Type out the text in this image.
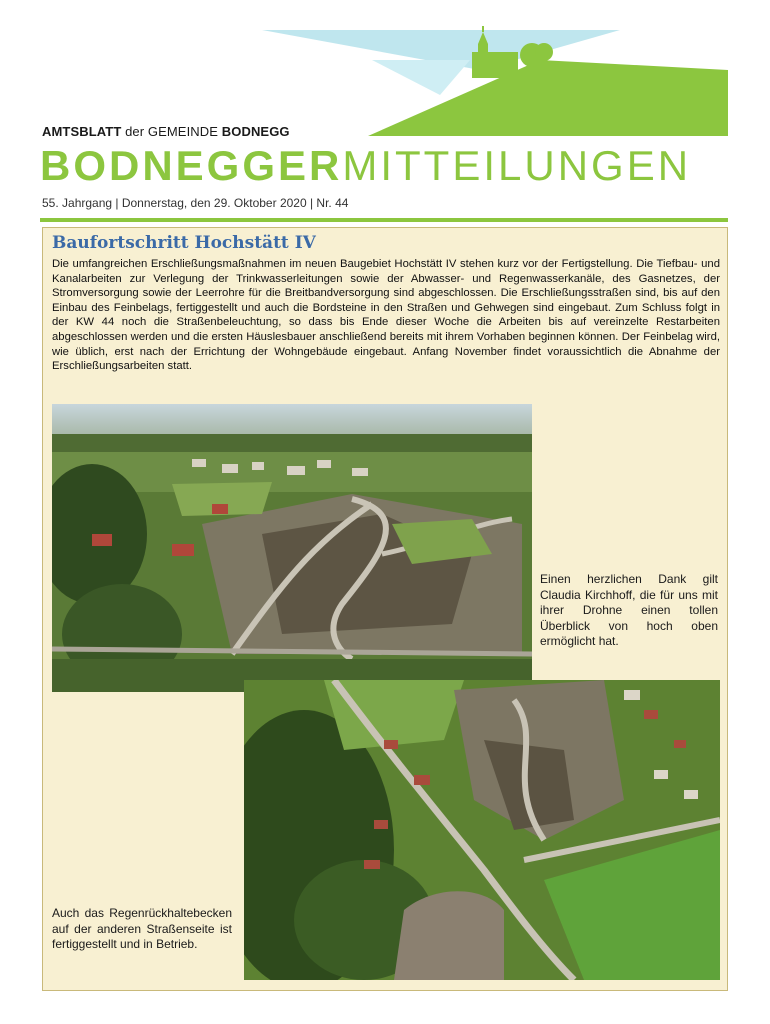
AMTSBLATT der GEMEINDE BODNEGG
BODNEGGERMITTEILUNGEN
55. Jahrgang | Donnerstag, den 29. Oktober 2020 | Nr. 44
Baufortschritt Hochstätt IV
Die umfangreichen Erschließungsmaßnahmen im neuen Baugebiet Hochstätt IV stehen kurz vor der Fertigstellung. Die Tiefbau- und Kanalarbeiten zur Verlegung der Trinkwasserleitungen sowie der Abwasser- und Regenwasserkanäle, des Gasnetzes, der Stromversorgung sowie der Leerrohre für die Breitbandversorgung sind abgeschlossen. Die Erschließungsstraßen sind, bis auf den Einbau des Feinbelags, fertiggestellt und auch die Bordsteine in den Straßen und Gehwegen sind eingebaut. Zum Schluss folgt in der KW 44 noch die Straßenbeleuchtung, so dass bis Ende dieser Woche die Arbeiten bis auf vereinzelte Restarbeiten abgeschlossen werden und die ersten Häuslesbauer anschließend bereits mit ihrem Vorhaben beginnen können. Der Feinbelag wird, wie üblich, erst nach der Errichtung der Wohngebäude eingebaut. Anfang November findet voraussichtlich die Abnahme der Erschließungsarbeiten statt.
Einen herzlichen Dank gilt Claudia Kirchhoff, die für uns mit ihrer Drohne einen tollen Überblick von hoch oben ermöglicht hat.
Auch das Regenrückhaltebecken auf der anderen Straßenseite ist fertiggestellt und in Betrieb.
